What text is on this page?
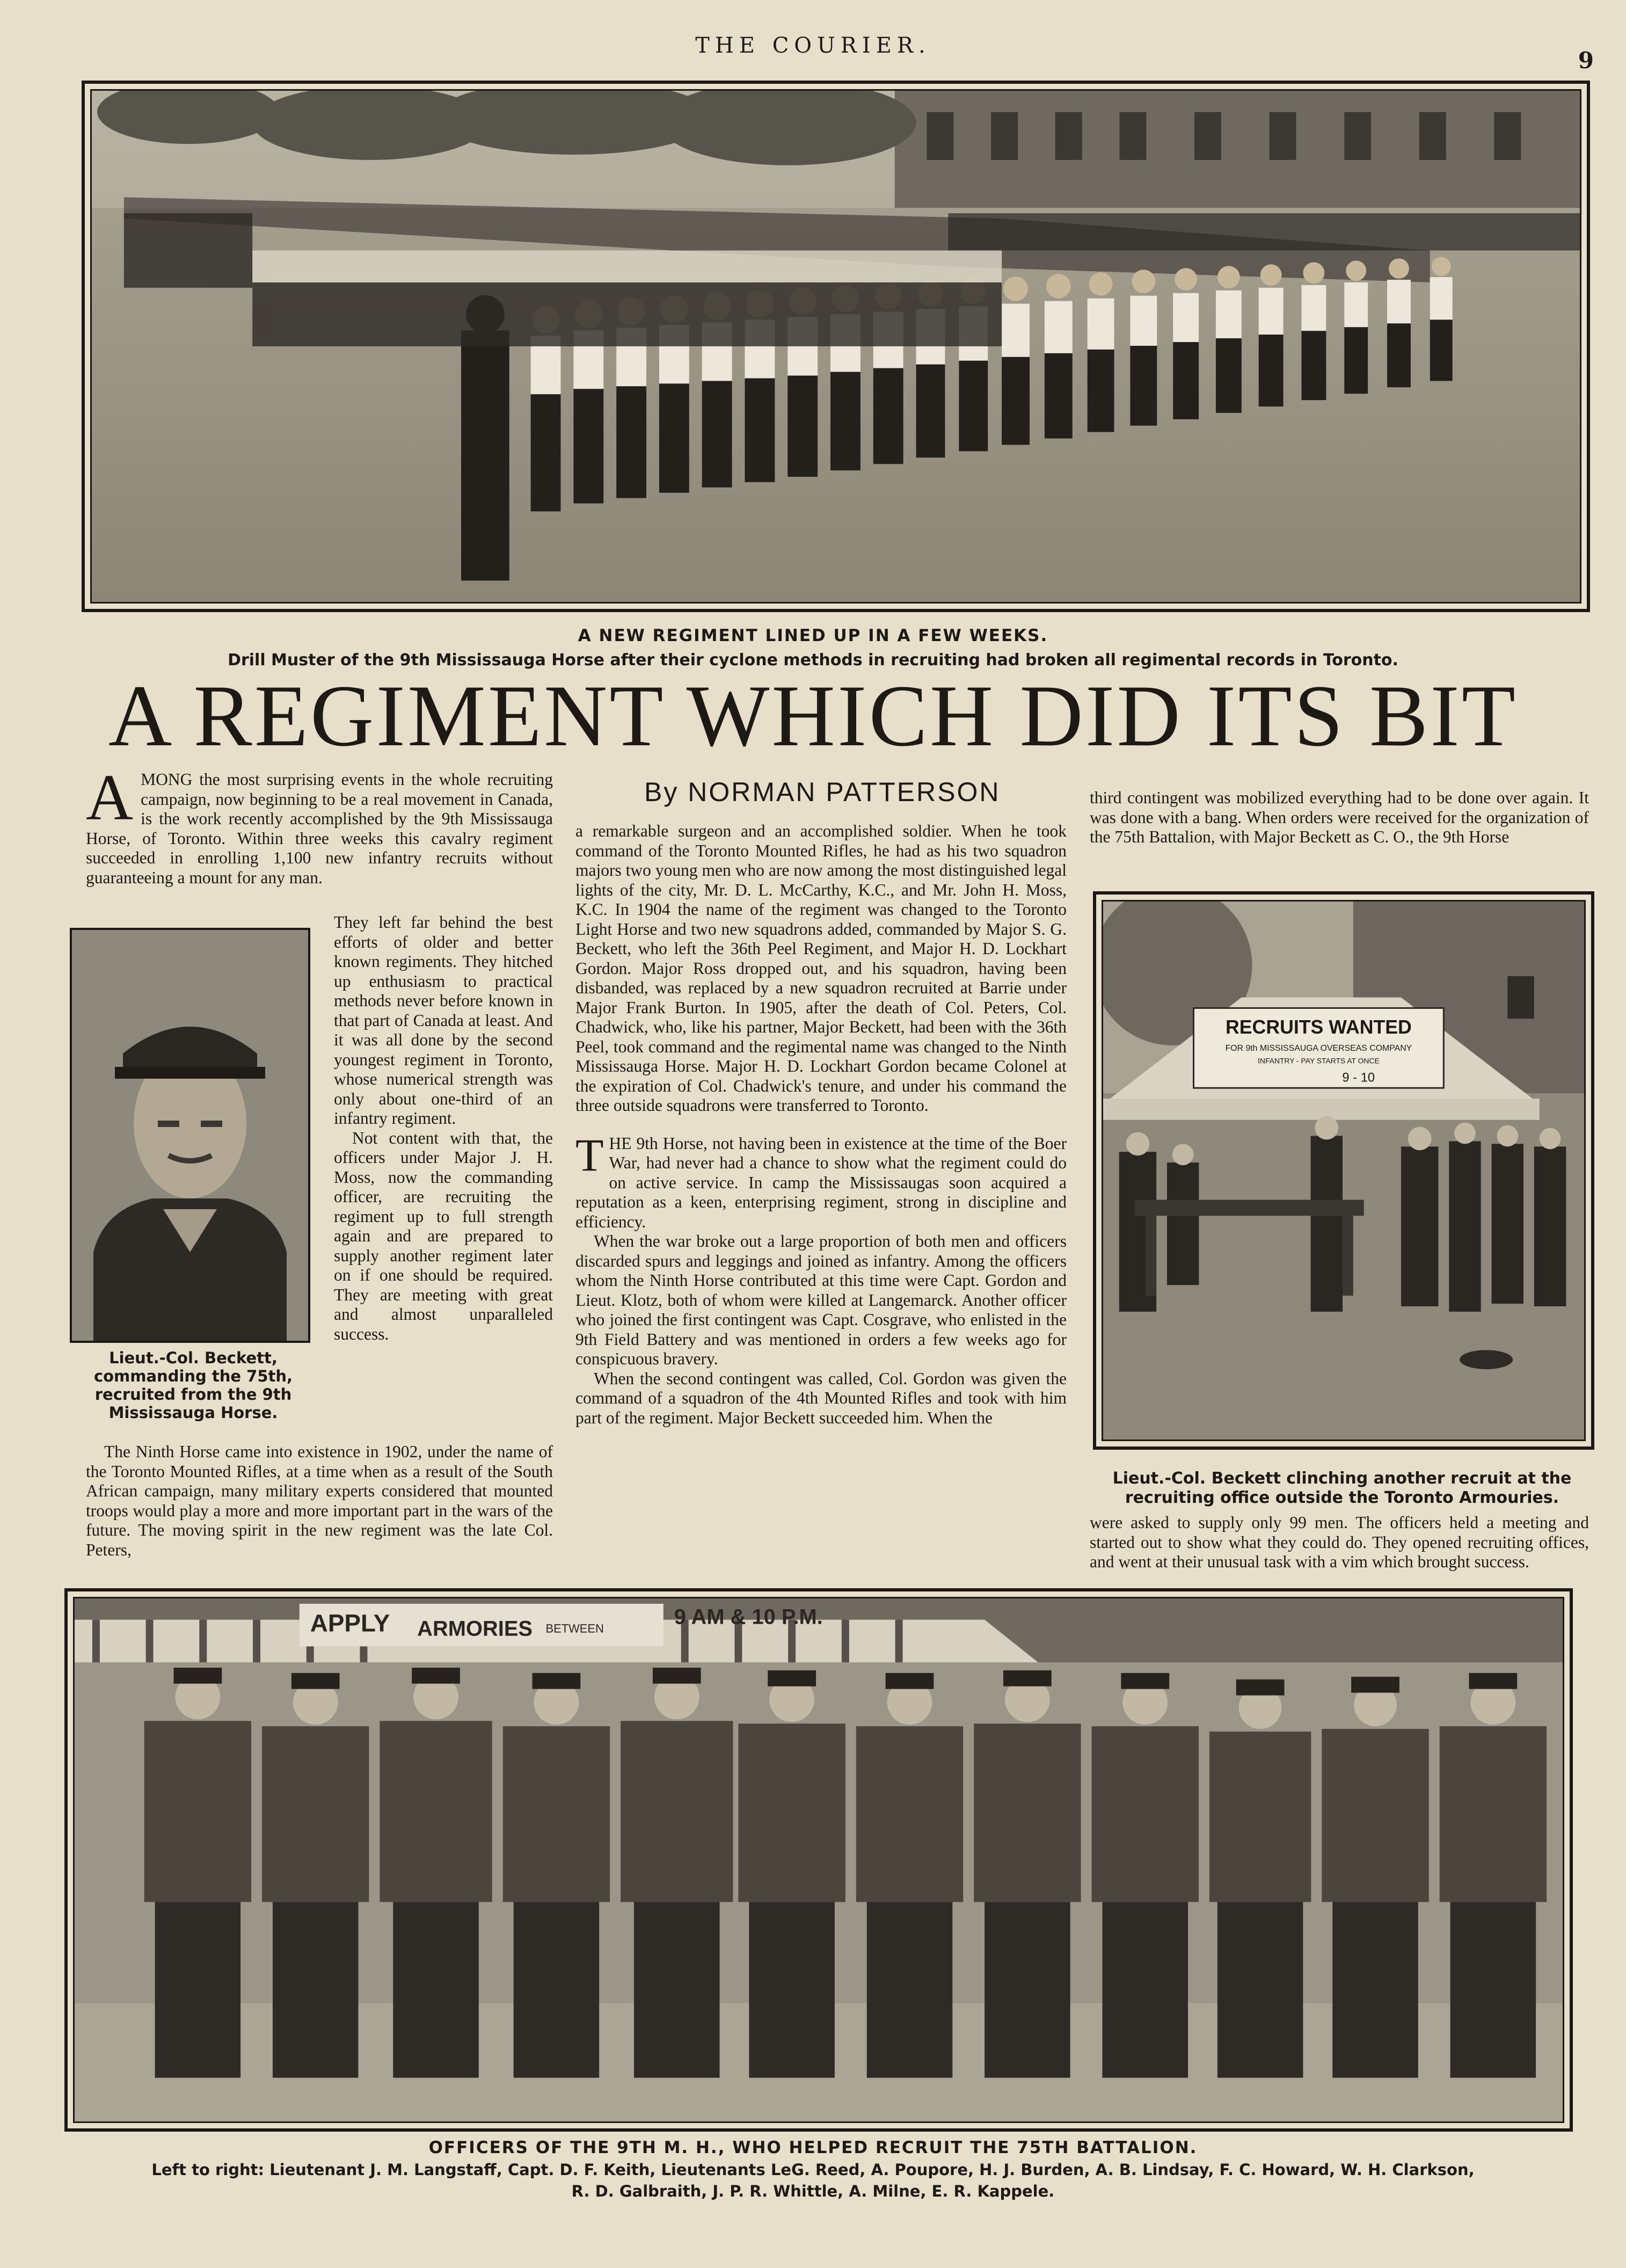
THE COURIER.
9
A NEW REGIMENT LINED UP IN A FEW WEEKS.
Drill Muster of the 9th Mississauga Horse after their cyclone methods in recruiting had broken all regimental records in Toronto.
A REGIMENT WHICH DID ITS BIT

AMONG the most surprising events in the whole recruiting campaign, now beginning to be a real movement in Canada, is the work recently accomplished by the 9th Mississauga Horse, of Toronto. Within three weeks this cavalry regiment succeeded in enrolling 1,100 new infantry recruits without guaranteeing a mount for any man.

They left far behind the best efforts of older and better known regiments. They hitched up enthusiasm to practical methods never before known in that part of Canada at least. And it was all done by the second youngest regiment in Toronto, whose numerical strength was only about one-third of an infantry regiment.

Not content with that, the officers under Major J. H. Moss, now the commanding officer, are recruiting the regiment up to full strength again and are prepared to supply another regiment later on if one should be required. They are meeting with great and almost unparalleled success.

Lieut.-Col. Beckett, commanding the 75th, recruited from the 9th Mississauga Horse.

The Ninth Horse came into existence in 1902, under the name of the Toronto Mounted Rifles, at a time when as a result of the South African campaign, many military experts considered that mounted troops would play a more and more important part in the wars of the future. The moving spirit in the new regiment was the late Col. Peters,

By NORMAN PATTERSON

a remarkable surgeon and an accomplished soldier. When he took command of the Toronto Mounted Rifles, he had as his two squadron majors two young men who are now among the most distinguished legal lights of the city, Mr. D. L. McCarthy, K.C., and Mr. John H. Moss, K.C. In 1904 the name of the regiment was changed to the Toronto Light Horse and two new squadrons added, commanded by Major S. G. Beckett, who left the 36th Peel Regiment, and Major H. D. Lockhart Gordon. Major Ross dropped out, and his squadron, having been disbanded, was replaced by a new squadron recruited at Barrie under Major Frank Burton. In 1905, after the death of Col. Peters, Col. Chadwick, who, like his partner, Major Beckett, had been with the 36th Peel, took command and the regimental name was changed to the Ninth Mississauga Horse. Major H. D. Lockhart Gordon became Colonel at the expiration of Col. Chadwick's tenure, and under his command the three outside squadrons were transferred to Toronto.

THE 9th Horse, not having been in existence at the time of the Boer War, had never had a chance to show what the regiment could do on active service. In camp the Mississaugas soon acquired a reputation as a keen, enterprising regiment, strong in discipline and efficiency.

When the war broke out a large proportion of both men and officers discarded spurs and leggings and joined as infantry. Among the officers whom the Ninth Horse contributed at this time were Capt. Gordon and Lieut. Klotz, both of whom were killed at Langemarck. Another officer who joined the first contingent was Capt. Cosgrave, who enlisted in the 9th Field Battery and was mentioned in orders a few weeks ago for conspicuous bravery.

When the second contingent was called, Col. Gordon was given the command of a squadron of the 4th Mounted Rifles and took with him part of the regiment. Major Beckett succeeded him. When the

third contingent was mobilized everything had to be done over again. It was done with a bang. When orders were received for the organization of the 75th Battalion, with Major Beckett as C. O., the 9th Horse

RECRUITS WANTED
FOR 9th MISSISSAUGA OVERSEAS COMPANY
INFANTRY - PAY STARTS AT ONCE
9 - 10
Lieut.-Col. Beckett clinching another recruit at the recruiting office outside the Toronto Armouries.

were asked to supply only 99 men. The officers held a meeting and started out to show what they could do. They opened recruiting offices, and went at their unusual task with a vim which brought success.

APPLY ARMORIES BETWEEN	9 AM & 10 P.M.
OFFICERS OF THE 9TH M. H., WHO HELPED RECRUIT THE 75TH BATTALION.
Left to right: Lieutenant J. M. Langstaff, Capt. D. F. Keith, Lieutenants LeG. Reed, A. Poupore, H. J. Burden, A. B. Lindsay, F. C. Howard, W. H. Clarkson,
R. D. Galbraith, J. P. R. Whittle, A. Milne, E. R. Kappele.
